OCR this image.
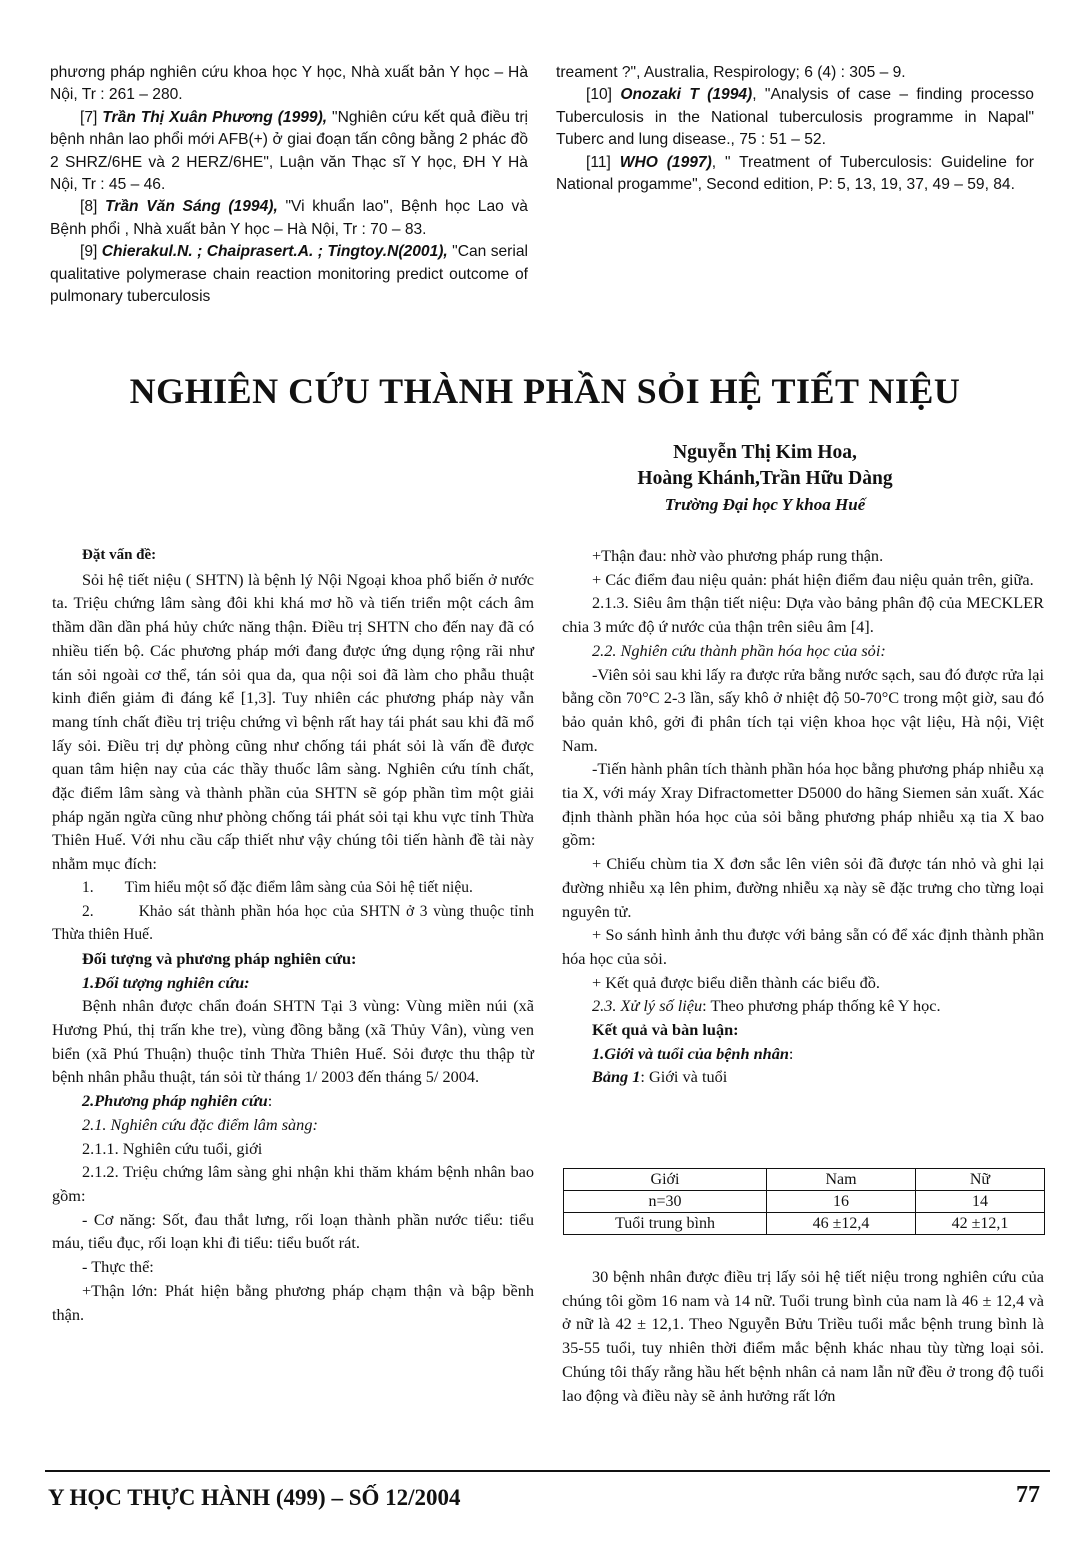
phương pháp nghiên cứu khoa học Y học, Nhà xuất bản Y học – Hà Nội, Tr : 261 – 280.

[7] Trần Thị Xuân Phương (1999), "Nghiên cứu kết quả điều trị bệnh nhân lao phổi mới AFB(+) ở giai đoạn tấn công bằng 2 phác đồ 2 SHRZ/6HE và 2 HERZ/6HE", Luận văn Thạc sĩ Y học, ĐH Y Hà Nội, Tr : 45 – 46.

[8] Trần Văn Sáng (1994), "Vi khuẩn lao", Bệnh học Lao và Bệnh phổi , Nhà xuất bản Y học – Hà Nội, Tr : 70 – 83.

[9] Chierakul.N. ; Chaiprasert.A. ; Tingtoy.N(2001), "Can serial qualitative polymerase chain reaction monitoring predict outcome of pulmonary tuberculosis

treament ?", Australia, Respirology; 6 (4) : 305 – 9.

[10] Onozaki T (1994), "Analysis of case – finding processo Tuberculosis in the National tuberculosis programme in Napal" Tuberc and lung disease., 75 : 51 – 52.

[11] WHO (1997), " Treatment of Tuberculosis: Guideline for National progamme", Second edition, P: 5, 13, 19, 37, 49 – 59, 84.

NGHIÊN CỨU THÀNH PHẦN SỎI HỆ TIẾT NIỆU
Nguyễn Thị Kim Hoa,
Hoàng Khánh,Trần Hữu Dàng
Trường Đại học Y khoa Huế

Đặt vấn đề:

Sỏi hệ tiết niệu ( SHTN) là bệnh lý Nội Ngoại khoa phổ biến ở nước ta. Triệu chứng lâm sàng đôi khi khá mơ hồ và tiến triển một cách âm thầm dần dần phá hủy chức năng thận. Điều trị SHTN cho đến nay đã có nhiều tiến bộ. Các phương pháp mới đang được ứng dụng rộng rãi như tán sỏi ngoài cơ thể, tán sỏi qua da, qua nội soi đã làm cho phẫu thuật kinh điển giảm đi đáng kể [1,3]. Tuy nhiên các phương pháp này vẫn mang tính chất điều trị triệu chứng vì bệnh rất hay tái phát sau khi đã mổ lấy sỏi. Điều trị dự phòng cũng như chống tái phát sỏi là vấn đề được quan tâm hiện nay của các thầy thuốc lâm sàng. Nghiên cứu tính chất, đặc điểm lâm sàng và thành phần của SHTN sẽ góp phần tìm một giải pháp ngăn ngừa cũng như phòng chống tái phát sỏi tại khu vực tỉnh Thừa Thiên Huế. Với nhu cầu cấp thiết như vậy chúng tôi tiến hành đề tài này nhằm mục đích:

1.        Tìm hiểu một số đặc điểm lâm sàng của Sỏi hệ tiết niệu.

2.        Khảo sát thành phần hóa học của SHTN ở 3 vùng thuộc tỉnh Thừa thiên Huế.

Đối tượng và phương pháp nghiên cứu:

1.Đối tượng nghiên cứu:

Bệnh nhân được chẩn đoán SHTN Tại 3 vùng: Vùng miền núi (xã Hương Phú, thị trấn khe tre), vùng đồng bằng (xã Thủy Vân), vùng ven biển (xã Phú Thuận) thuộc tỉnh Thừa Thiên Huế. Sỏi được thu thập từ bệnh nhân phẫu thuật, tán sỏi từ tháng 1/ 2003 đến tháng 5/ 2004.

2.Phương pháp nghiên cứu:

2.1. Nghiên cứu đặc điểm lâm sàng:

2.1.1. Nghiên cứu tuổi, giới

2.1.2. Triệu chứng lâm sàng ghi nhận khi thăm khám bệnh nhân bao gồm:

- Cơ năng: Sốt, đau thắt lưng, rối loạn thành phần nước tiểu: tiểu máu, tiểu đục, rối loạn khi đi tiểu: tiểu buốt rát.

- Thực thể:

+Thận lớn: Phát hiện bằng phương pháp chạm thận và bập bềnh thận.

+Thận đau: nhờ vào phương pháp rung thận.

+ Các điểm đau niệu quản: phát hiện điểm đau niệu quản trên, giữa.

2.1.3. Siêu âm thận tiết niệu: Dựa vào bảng phân độ của MECKLER chia 3 mức độ ứ nước của thận trên siêu âm [4].

2.2. Nghiên cứu thành phần hóa học của sỏi:

-Viên sỏi sau khi lấy ra được rửa bằng nước sạch, sau đó được rửa lại bằng cồn 70°C 2-3 lần, sấy khô ở nhiệt độ 50-70°C trong một giờ, sau đó bảo quản khô, gởi đi phân tích tại viện khoa học vật liệu, Hà nội, Việt Nam.

-Tiến hành phân tích thành phần hóa học bằng phương pháp nhiễu xạ tia X, với máy Xray Difractometter D5000 do hãng Siemen sản xuất. Xác định thành phần hóa học của sỏi bằng phương pháp nhiễu xạ tia X bao gồm:

+ Chiếu chùm tia X đơn sắc lên viên sỏi đã được tán nhỏ và ghi lại đường nhiễu xạ lên phim, đường nhiễu xạ này sẽ đặc trưng cho từng loại nguyên tử.

+ So sánh hình ảnh thu được với bảng sẵn có để xác định thành phần hóa học của sỏi.

+ Kết quả được biểu diễn thành các biểu đồ.

2.3. Xử lý số liệu: Theo phương pháp thống kê Y học.

Kết quả và bàn luận:

1.Giới và tuổi của bệnh nhân:

Bảng 1: Giới và tuổi

Giới	Nam	Nữ
n=30	16	14
Tuổi trung bình	46 ±12,4	42 ±12,1

30 bệnh nhân được điều trị lấy sỏi hệ tiết niệu trong nghiên cứu của chúng tôi gồm 16 nam và 14 nữ. Tuổi trung bình của nam là 46 ± 12,4 và ở nữ là 42 ± 12,1. Theo Nguyễn Bửu Triều tuổi mắc bệnh trung bình là 35-55 tuổi, tuy nhiên thời điểm mắc bệnh khác nhau tùy từng loại sỏi. Chúng tôi thấy rằng hầu hết bệnh nhân cả nam lẫn nữ đều ở trong độ tuổi lao động và điều này sẽ ảnh hưởng rất lớn

Y HỌC THỰC HÀNH (499) – SỐ 12/2004	77
